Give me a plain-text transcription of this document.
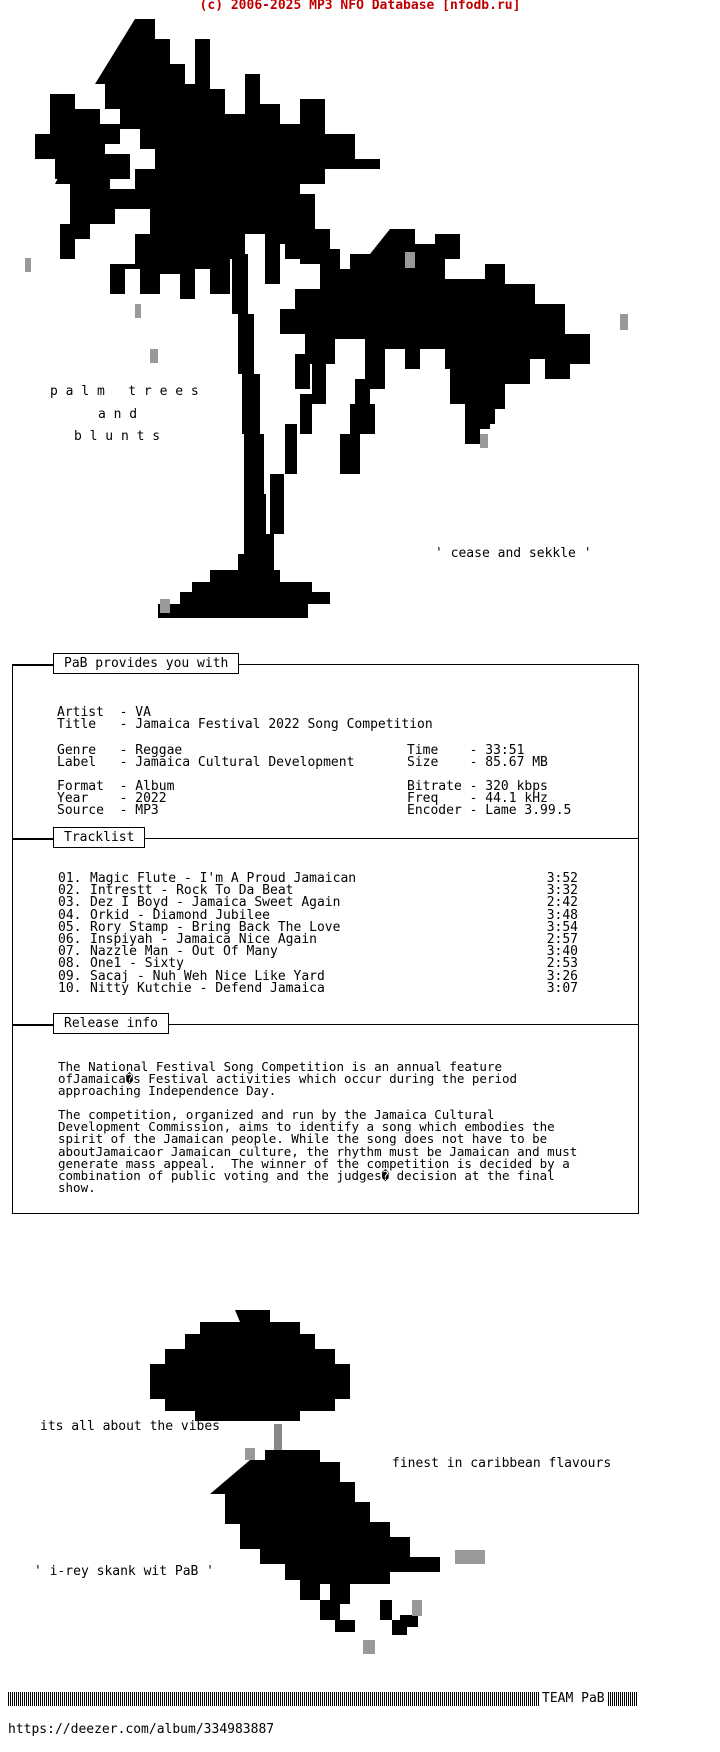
(c) 2006-2025 MP3 NFO Database [nfodb.ru]
p a l m   t r e e s
a n d
b l u n t s
' cease and sekkle '
PaB provides you with
Artist  - VA
Title   - Jamaica Festival 2022 Song Competition
Genre   - Reggae
Label   - Jamaica Cultural Development
Time    - 33:51
Size    - 85.67 MB
Format  - Album
Year    - 2022
Source  - MP3
Bitrate - 320 kbps
Freq    - 44.1 kHz
Encoder - Lame 3.99.5
Tracklist
01. Magic Flute - I'm A Proud Jamaican	3:52
02. Intrestt - Rock To Da Beat	3:32
03. Dez I Boyd - Jamaica Sweet Again	2:42
04. Orkid - Diamond Jubilee	3:48
05. Rory Stamp - Bring Back The Love	3:54
06. Inspiyah - Jamaica Nice Again	2:57
07. Nazzle Man - Out Of Many	3:40
08. One1 - Sixty	2:53
09. Sacaj - Nuh Weh Nice Like Yard	3:26
10. Nitty Kutchie - Defend Jamaica	3:07
Release info
The National Festival Song Competition is an annual feature
ofJamaica�s Festival activities which occur during the period
approaching Independence Day.
The competition, organized and run by the Jamaica Cultural
Development Commission, aims to identify a song which embodies the
spirit of the Jamaican people. While the song does not have to be
aboutJamaicaor Jamaican culture, the rhythm must be Jamaican and must
generate mass appeal.  The winner of the competition is decided by a
combination of public voting and the judges� decision at the final
show.
its all about the vibes
finest in caribbean flavours
' i-rey skank wit PaB '
TEAM PaB
https://deezer.com/album/334983887
